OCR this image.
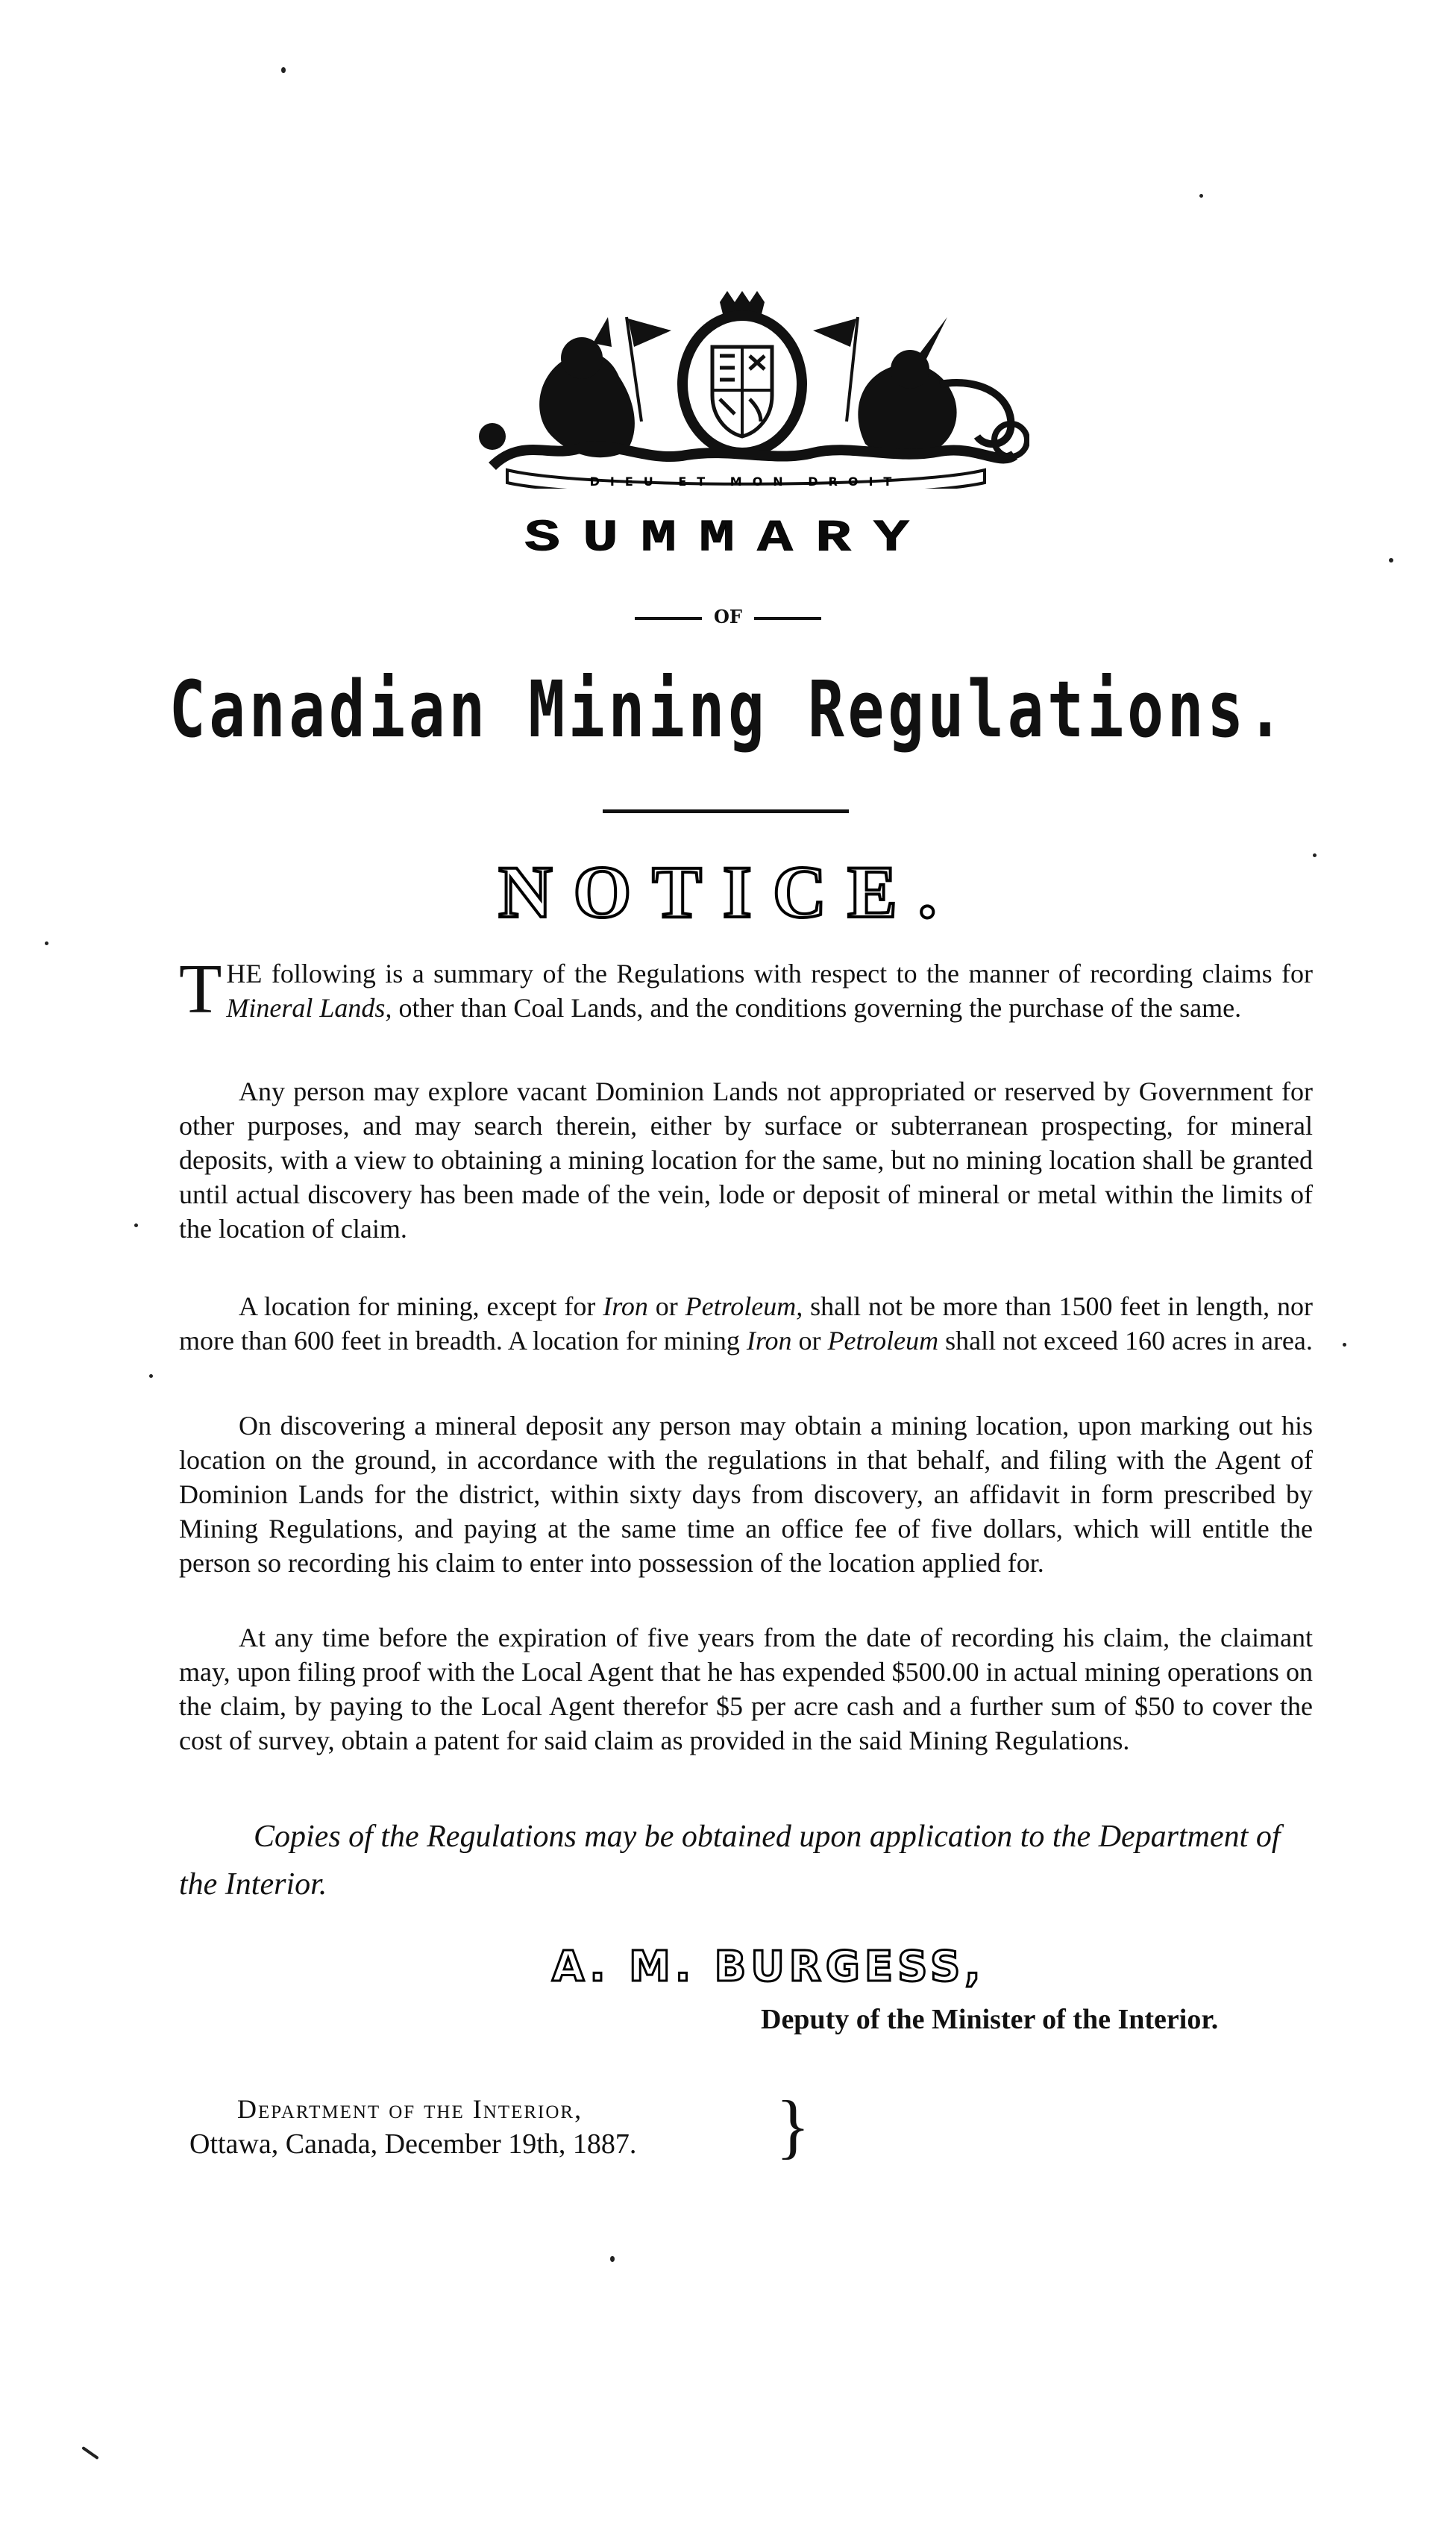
DIEU ET MON DROIT
SUMMARY
OF
Canadian Mining Regulations.
NOTICE.

THE following is a summary of the Regulations with respect to the manner of recording claims for Mineral Lands, other than Coal Lands, and the conditions governing the purchase of the same.

Any person may explore vacant Dominion Lands not appropriated or reserved by Government for other purposes, and may search therein, either by surface or subterranean prospecting, for mineral deposits, with a view to obtaining a mining location for the same, but no mining location shall be granted until actual discovery has been made of the vein, lode or deposit of mineral or metal within the limits of the location of claim.

A location for mining, except for Iron or Petroleum, shall not be more than 1500 feet in length, nor more than 600 feet in breadth. A location for mining Iron or Petroleum shall not exceed 160 acres in area.

On discovering a mineral deposit any person may obtain a mining location, upon marking out his location on the ground, in accordance with the regulations in that behalf, and filing with the Agent of Dominion Lands for the district, within sixty days from discovery, an affidavit in form prescribed by Mining Regulations, and paying at the same time an office fee of five dollars, which will entitle the person so recording his claim to enter into possession of the location applied for.

At any time before the expiration of five years from the date of recording his claim, the claimant may, upon filing proof with the Local Agent that he has expended $500.00 in actual mining operations on the claim, by paying to the Local Agent therefor $5 per acre cash and a further sum of $50 to cover the cost of survey, obtain a patent for said claim as provided in the said Mining Regulations.

Copies of the Regulations may be obtained upon application to the Department of the Interior.

A. M. BURGESS,
Deputy of the Minister of the Interior.
Department of the Interior,
Ottawa, Canada, December 19th, 1887. }
